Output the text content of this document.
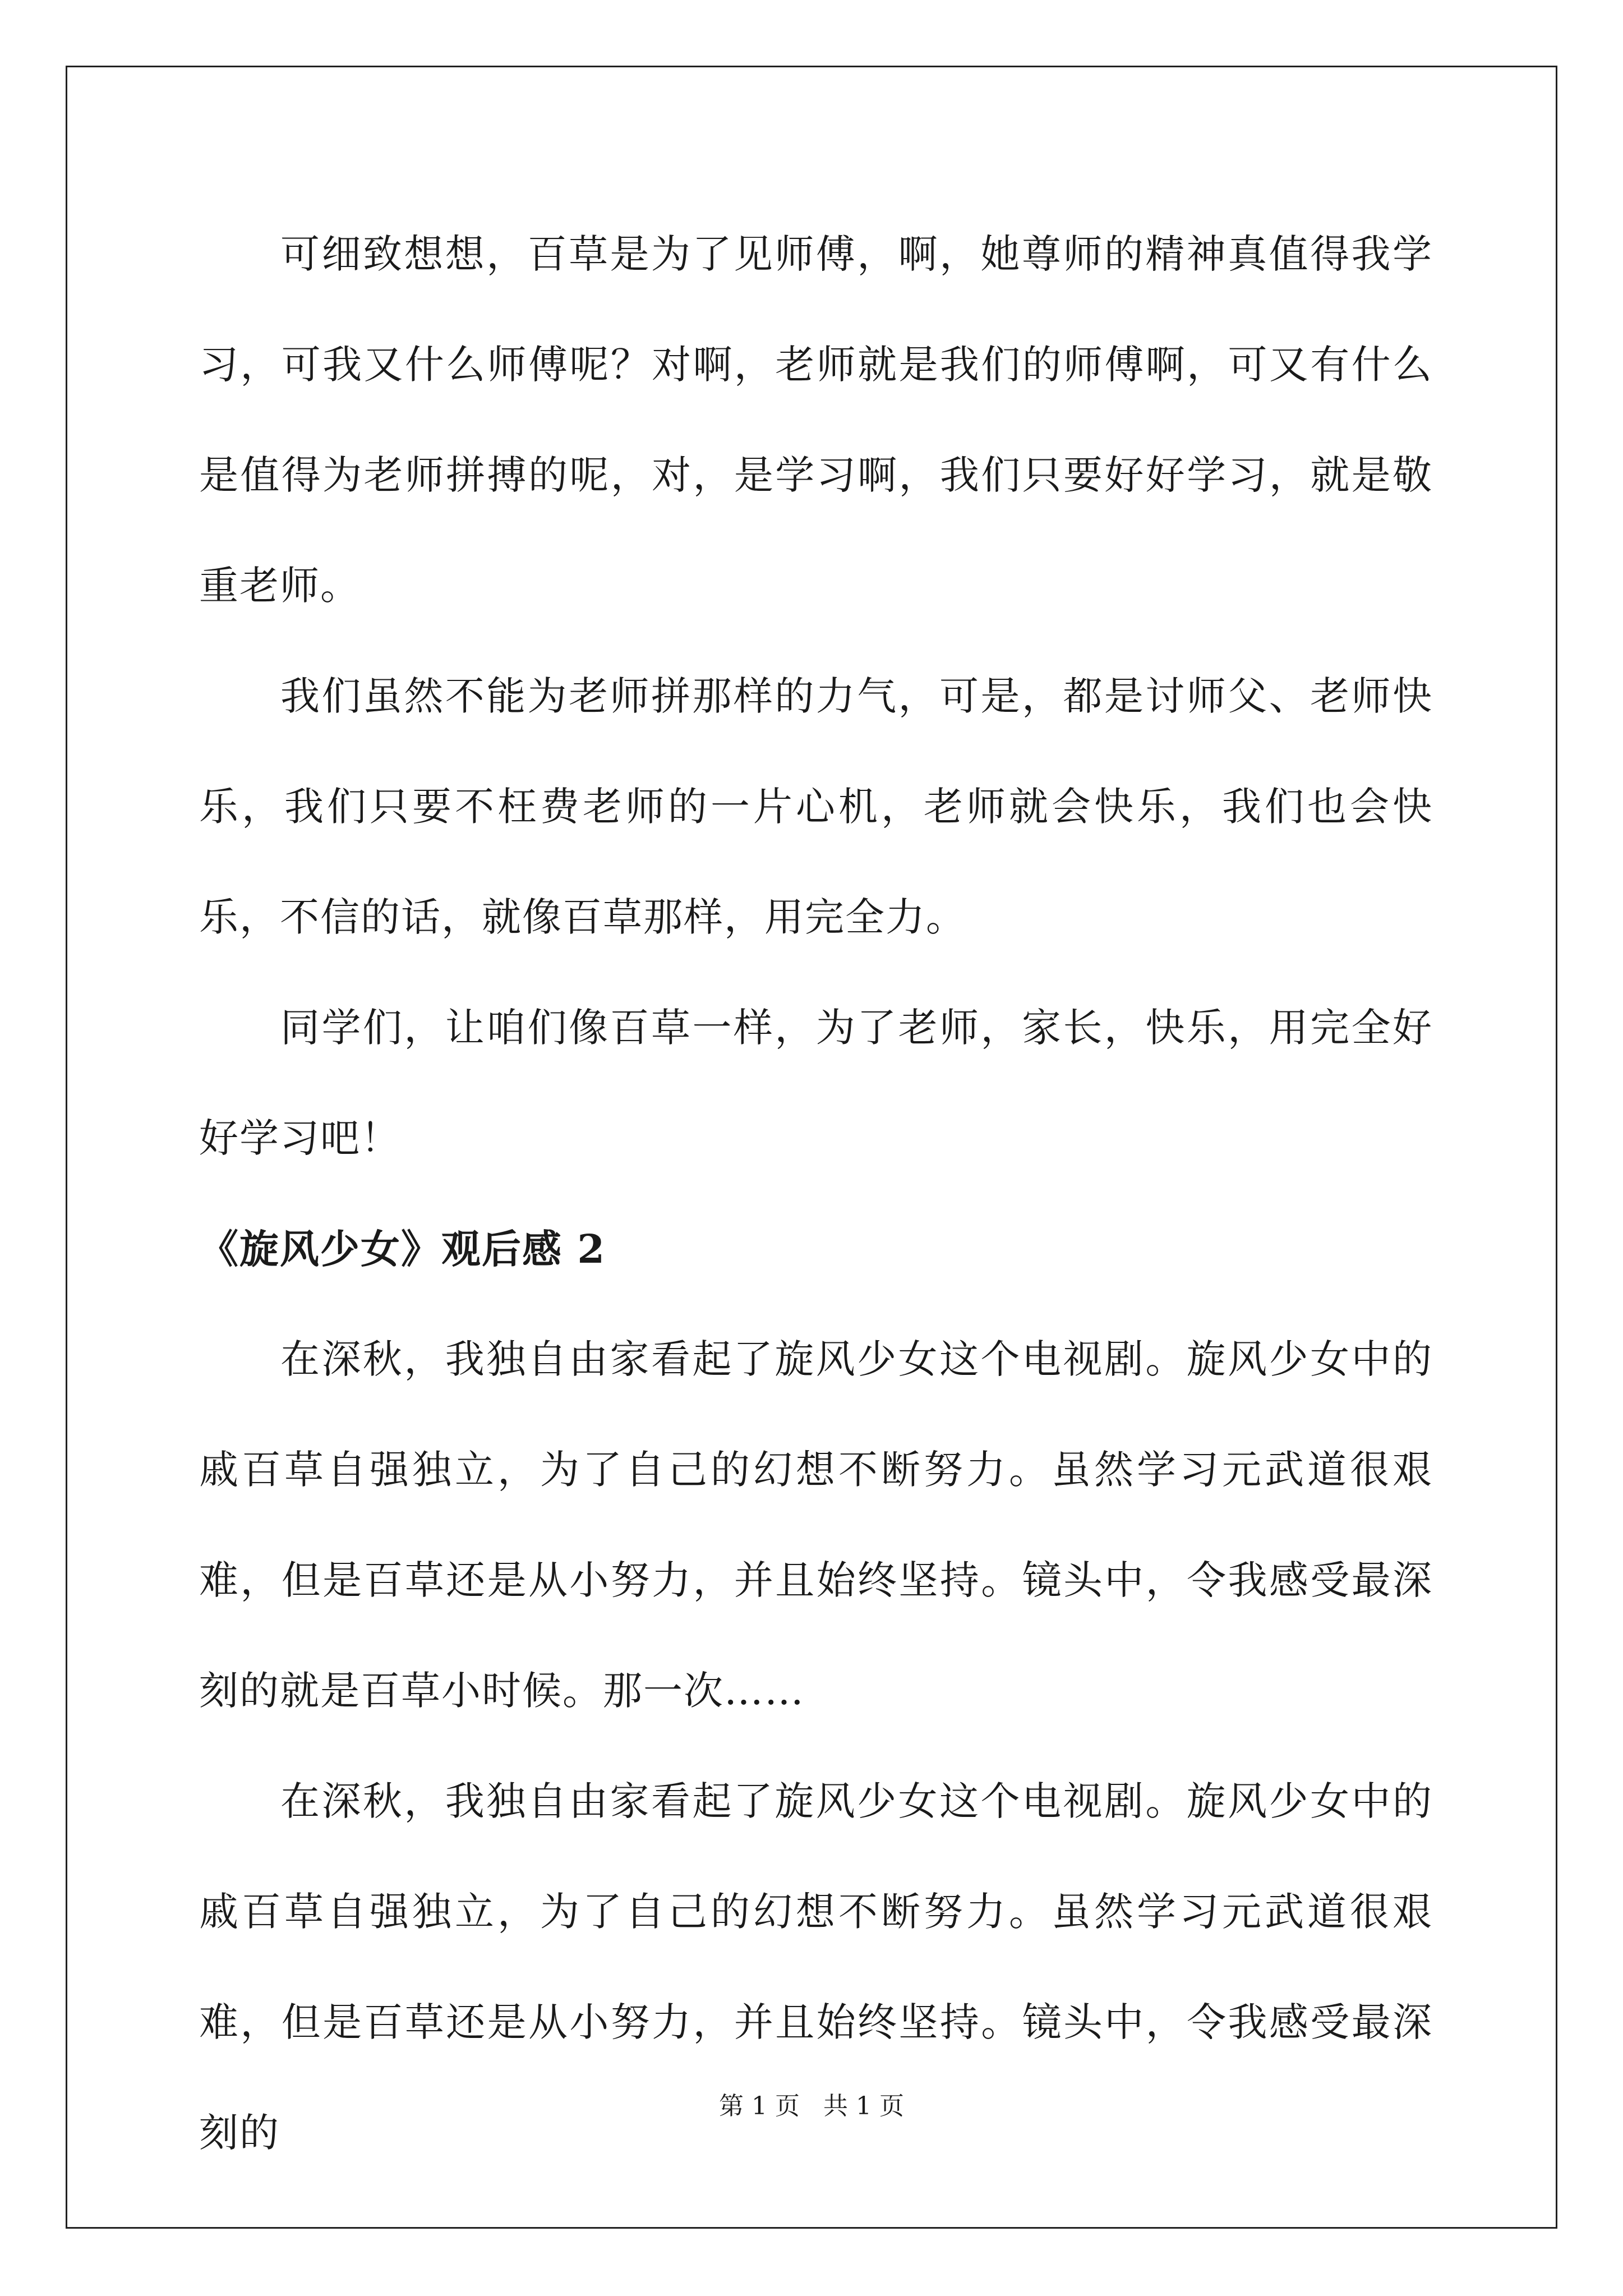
可细致想想，百草是为了见师傅，啊，她尊师的精神真值得我学习，可我又什么师傅呢？对啊，老师就是我们的师傅啊，可又有什么是值得为老师拼搏的呢，对，是学习啊，我们只要好好学习，就是敬重老师。

我们虽然不能为老师拼那样的力气，可是，都是讨师父、老师快乐，我们只要不枉费老师的一片心机，老师就会快乐，我们也会快乐，不信的话，就像百草那样，用完全力。

同学们，让咱们像百草一样，为了老师，家长，快乐，用完全好好学习吧！

《旋风少女》观后感 2

在深秋，我独自由家看起了旋风少女这个电视剧。旋风少女中的戚百草自强独立，为了自己的幻想不断努力。虽然学习元武道很艰难，但是百草还是从小努力，并且始终坚持。镜头中，令我感受最深刻的就是百草小时候。那一次……

在深秋，我独自由家看起了旋风少女这个电视剧。旋风少女中的戚百草自强独立，为了自己的幻想不断努力。虽然学习元武道很艰难，但是百草还是从小努力，并且始终坚持。镜头中，令我感受最深刻的

第 1 页 共 1 页
